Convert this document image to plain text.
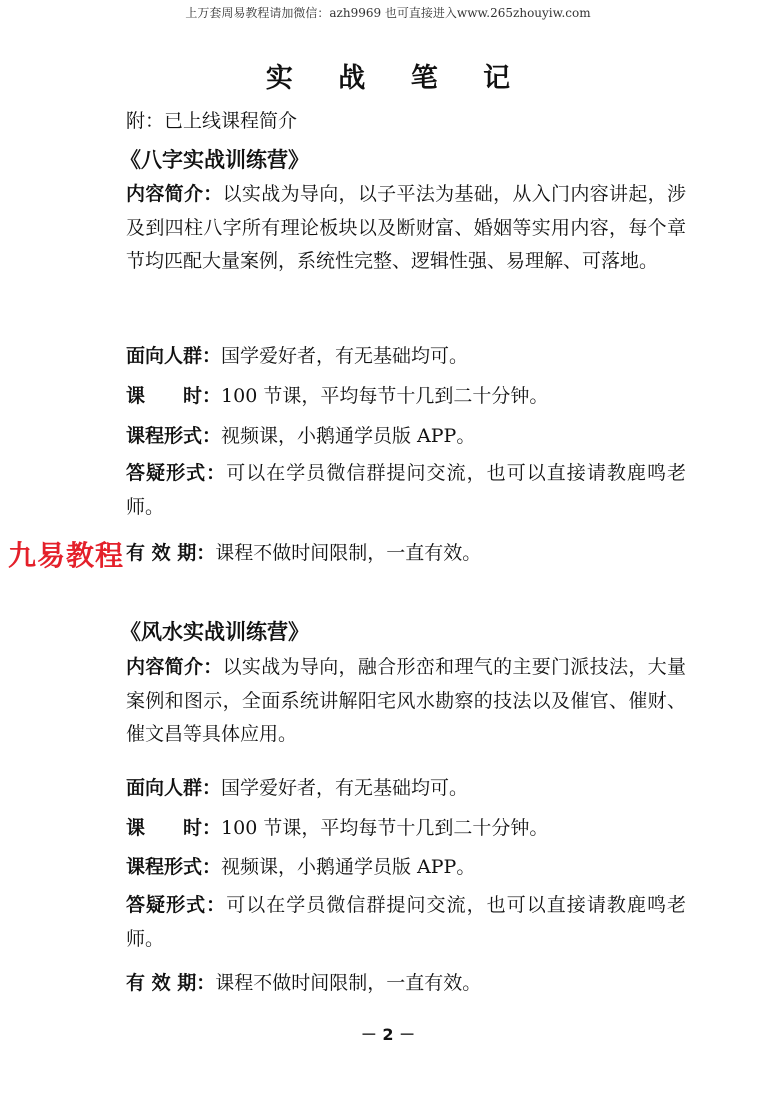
上万套周易教程请加微信：azh9969 也可直接进入www.265zhouyiw.com
实 战 笔 记
附：已上线课程简介
《八字实战训练营》
内容简介：以实战为导向，以子平法为基础，从入门内容讲起，涉及到四柱八字所有理论板块以及断财富、婚姻等实用内容，每个章节均匹配大量案例，系统性完整、逻辑性强、易理解、可落地。
面向人群：国学爱好者，有无基础均可。
课　　时：100 节课，平均每节十几到二十分钟。
课程形式：视频课，小鹅通学员版 APP。
答疑形式：可以在学员微信群提问交流，也可以直接请教鹿鸣老师。
有 效 期：课程不做时间限制，一直有效。
九易教程
《风水实战训练营》
内容简介：以实战为导向，融合形峦和理气的主要门派技法，大量案例和图示，全面系统讲解阳宅风水勘察的技法以及催官、催财、催文昌等具体应用。
面向人群：国学爱好者，有无基础均可。
课　　时：100 节课，平均每节十几到二十分钟。
课程形式：视频课，小鹅通学员版 APP。
答疑形式：可以在学员微信群提问交流，也可以直接请教鹿鸣老师。
有 效 期：课程不做时间限制，一直有效。
－ 2 －
